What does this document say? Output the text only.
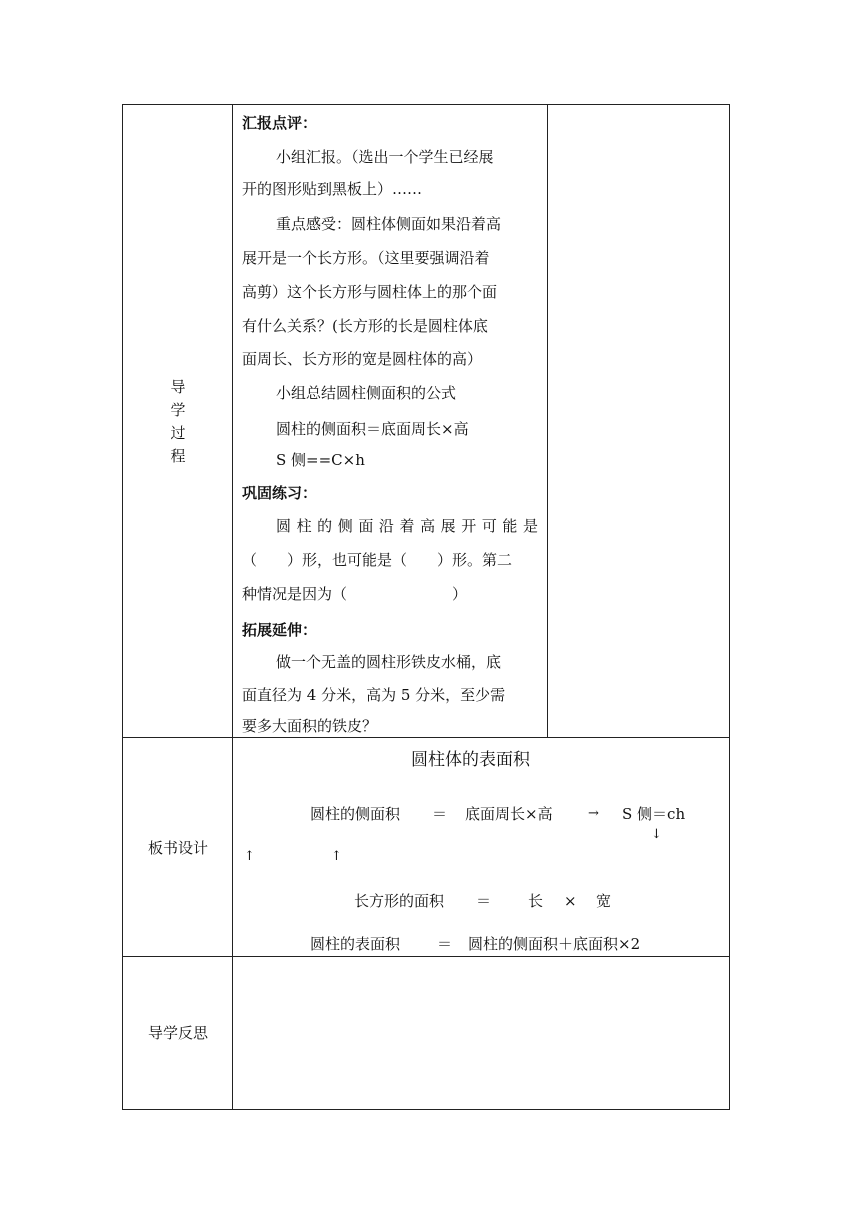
导
学
过
程
汇报点评：
小组汇报。（选出一个学生已经展
开的图形贴到黑板上）……
重点感受：圆柱体侧面如果沿着高
展开是一个长方形。（这里要强调沿着
高剪）这个长方形与圆柱体上的那个面
有什么关系？(长方形的长是圆柱体底
面周长、长方形的宽是圆柱体的高）
小组总结圆柱侧面积的公式
圆柱的侧面积＝底面周长×高
S 侧==C×h
巩固练习：
圆柱的侧面沿着高展开可能是
（　　）形，也可能是（　　）形。第二
种情况是因为（　　　　　　　）
拓展延伸：
做一个无盖的圆柱形铁皮水桶，底
面直径为 4 分米，高为 5 分米，至少需
要多大面积的铁皮？
板书设计
圆柱体的表面积
圆柱的侧面积 ＝ 底面周长×高	→ S 侧＝ch
↓
↑	↑
长方形的面积 ＝ 长 × 宽
圆柱的表面积 ＝ 圆柱的侧面积＋底面积×2
导学反思
